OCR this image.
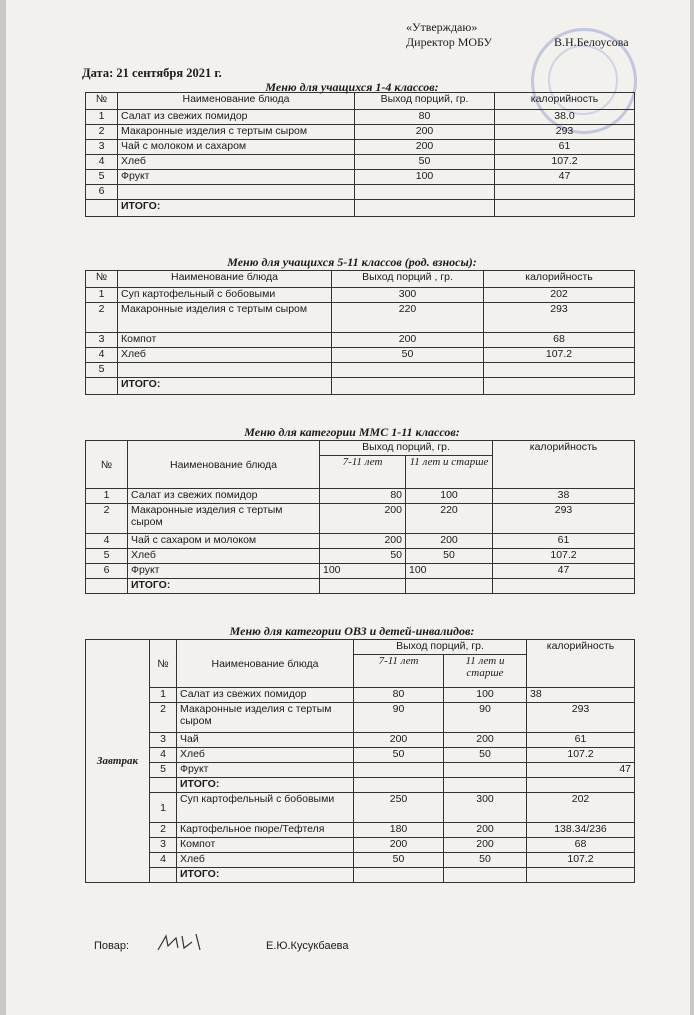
«Утверждаю»
Директор МОБУ	В.Н.Белоусова
Дата: 21 сентября 2021 г.
Меню для учащихся 1-4 классов:
№	Наименование блюда	Выход порций, гр.	калорийность
1	Салат из свежих помидор	80	38.0
2	Макаронные изделия с тертым сыром	200	293
3	Чай с молоком и сахаром	200	61
4	Хлеб	50	107.2
5	Фрукт	100	47
6			
	ИТОГО:		
Меню для учащихся 5-11 классов (род. взносы):
№	Наименование блюда	Выход порций , гр.	калорийность
1	Суп картофельный с бобовыми	300	202
2	Макаронные изделия с тертым сыром	220	293
3	Компот	200	68
4	Хлеб	50	107.2
5			
	ИТОГО:		
Меню для категории ММС 1-11 классов:
№	Наименование блюда	Выход порций, гр.		калорийность
		7-11 лет	11 лет и старше	
1	Салат из свежих помидор	80	100	38
2	Макаронные изделия с тертым сыром	200	220	293
4	Чай с сахаром и молоком	200	200	61
5	Хлеб	50	50	107.2
6	Фрукт	100	100	47
	ИТОГО:			
Меню для категории ОВЗ и детей-инвалидов:
Завтрак	№	Наименование блюда	Выход порций, гр.		калорийность
			7-11 лет	11 лет и старше	
	1	Салат из свежих помидор	80	100	38
	2	Макаронные изделия с тертым сыром	90	90	293
	3	Чай	200	200	61
	4	Хлеб	50	50	107.2
	5	Фрукт			47
		ИТОГО:			
	1	Суп картофельный с бобовыми	250	300	202
	2	Картофельное пюре/Тефтеля	180	200	138.34/236
	3	Компот	200	200	68
	4	Хлеб	50	50	107.2
		ИТОГО:			
Повар:	Е.Ю.Кусукбаева
